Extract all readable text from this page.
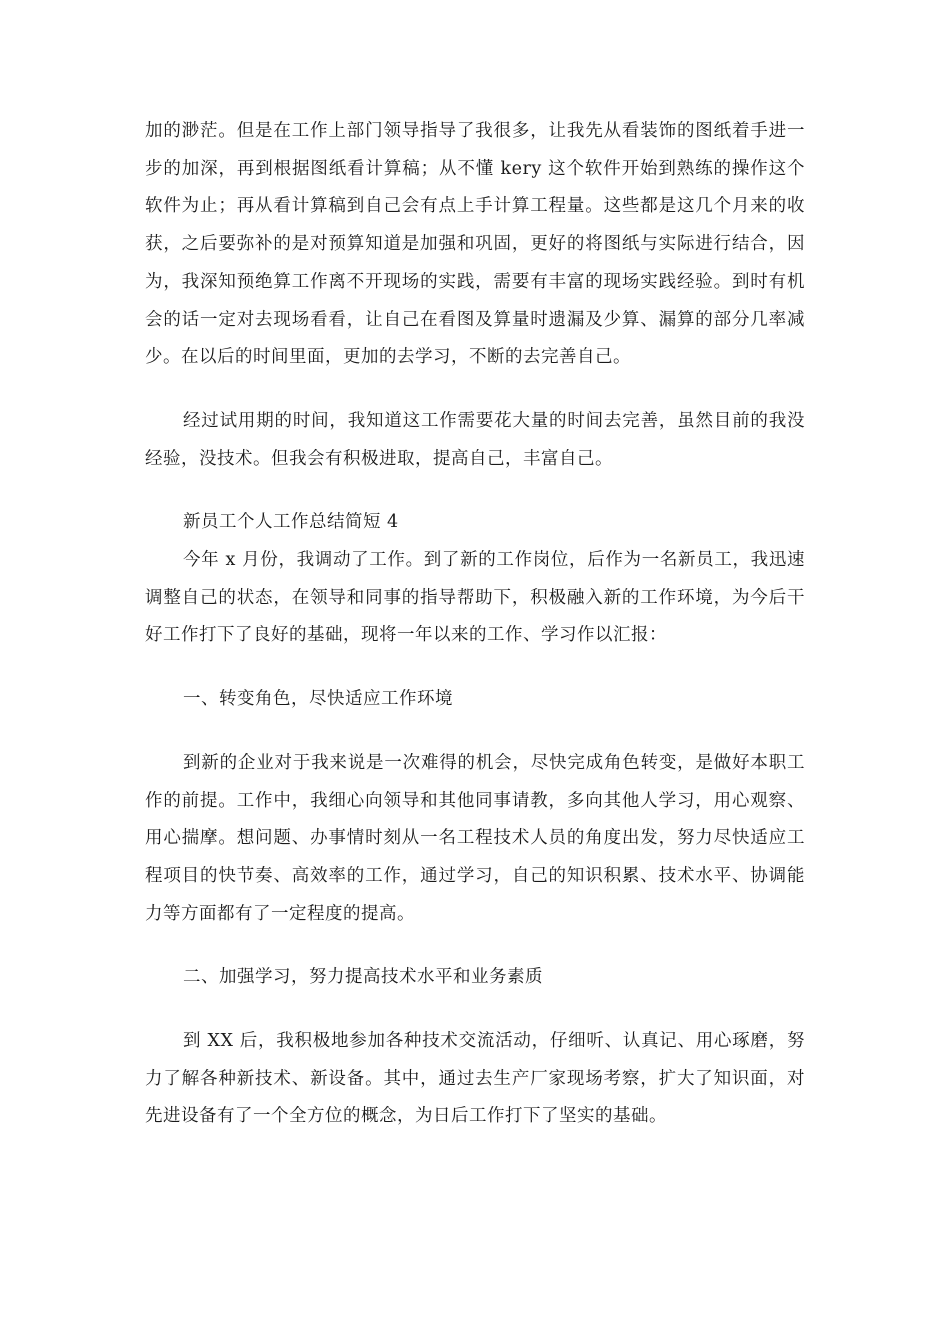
加的渺茫。但是在工作上部门领导指导了我很多，让我先从看装饰的图纸着手进一步的加深，再到根据图纸看计算稿；从不懂 kery 这个软件开始到熟练的操作这个软件为止；再从看计算稿到自己会有点上手计算工程量。这些都是这几个月来的收获，之后要弥补的是对预算知道是加强和巩固，更好的将图纸与实际进行结合，因为，我深知预绝算工作离不开现场的实践，需要有丰富的现场实践经验。到时有机会的话一定对去现场看看，让自己在看图及算量时遗漏及少算、漏算的部分几率减少。在以后的时间里面，更加的去学习，不断的去完善自己。

经过试用期的时间，我知道这工作需要花大量的时间去完善，虽然目前的我没经验，没技术。但我会有积极进取，提高自己，丰富自己。

新员工个人工作总结简短 4

今年 x 月份，我调动了工作。到了新的工作岗位，后作为一名新员工，我迅速调整自己的状态，在领导和同事的指导帮助下，积极融入新的工作环境，为今后干好工作打下了良好的基础，现将一年以来的工作、学习作以汇报：

一、转变角色，尽快适应工作环境

到新的企业对于我来说是一次难得的机会，尽快完成角色转变，是做好本职工作的前提。工作中，我细心向领导和其他同事请教，多向其他人学习，用心观察、用心揣摩。想问题、办事情时刻从一名工程技术人员的角度出发，努力尽快适应工程项目的快节奏、高效率的工作，通过学习，自己的知识积累、技术水平、协调能力等方面都有了一定程度的提高。

二、加强学习，努力提高技术水平和业务素质

到 XX 后，我积极地参加各种技术交流活动，仔细听、认真记、用心琢磨，努力了解各种新技术、新设备。其中，通过去生产厂家现场考察，扩大了知识面，对先进设备有了一个全方位的概念，为日后工作打下了坚实的基础。
